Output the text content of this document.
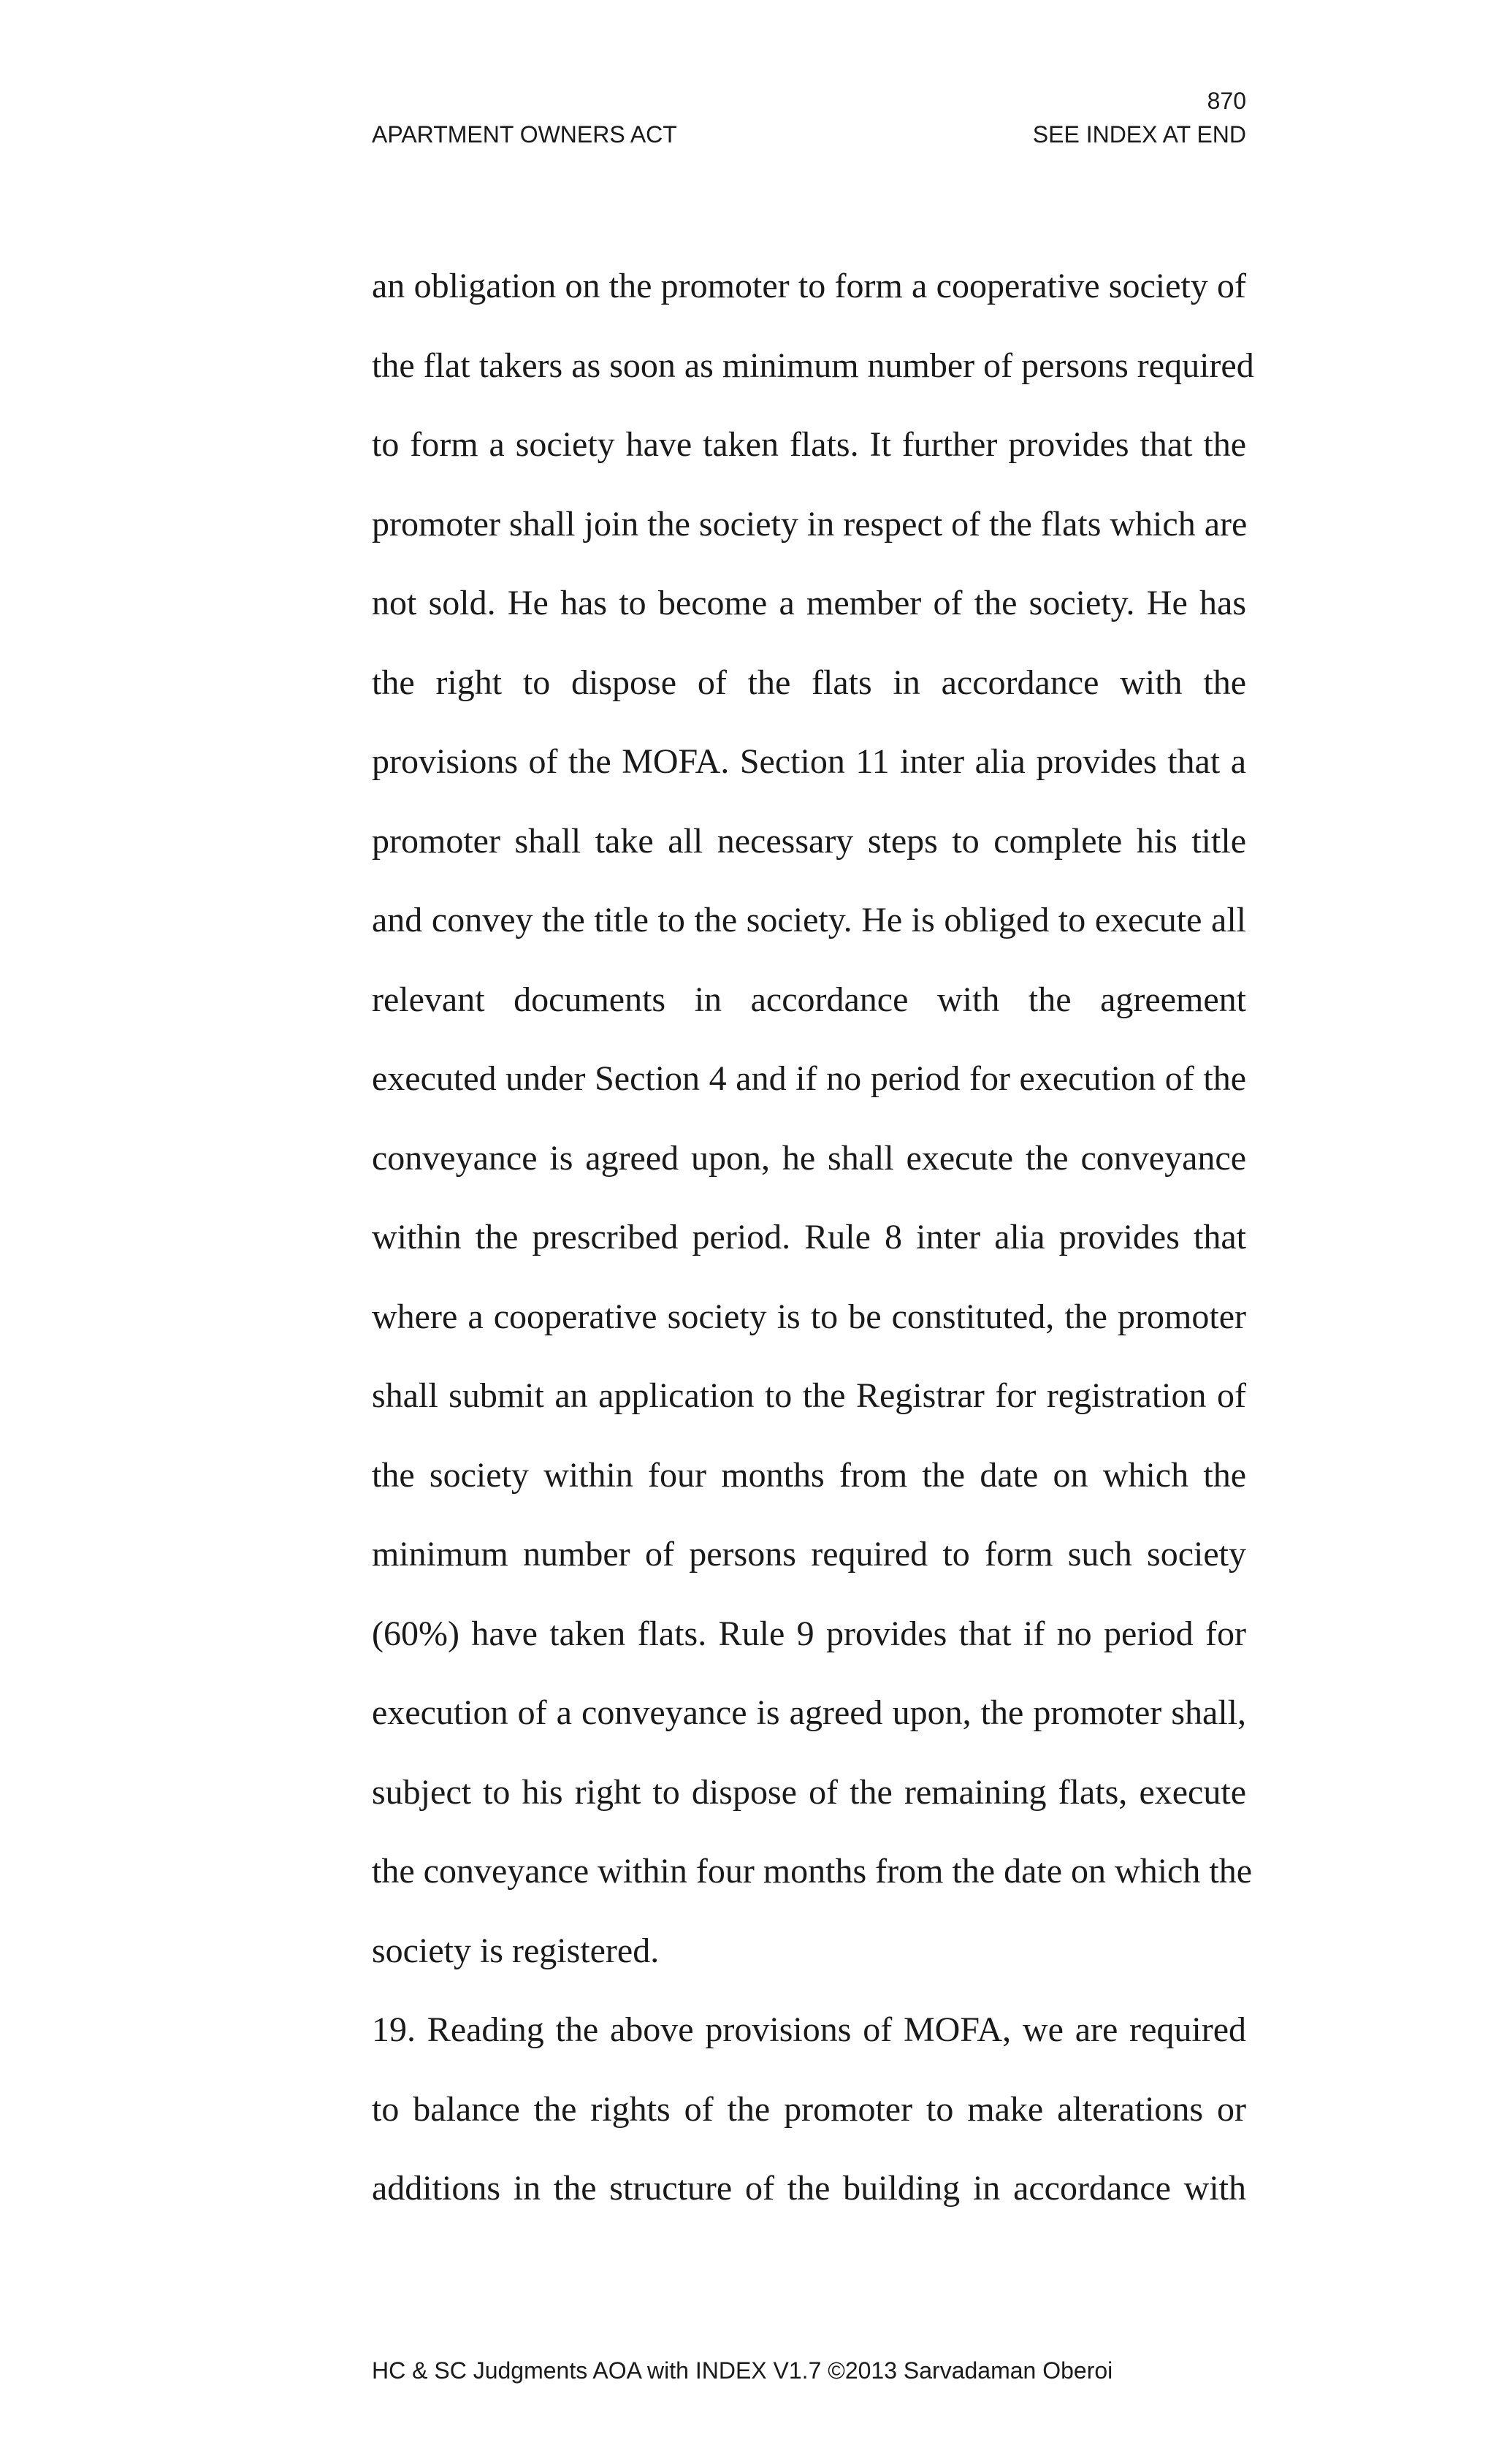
870
APARTMENT OWNERS ACT	SEE INDEX AT END
an obligation on the promoter to form a cooperative society of
the flat takers as soon as minimum number of persons required
to form a society have taken flats. It further provides that the
promoter shall join the society in respect of the flats which are
not sold. He has to become a member of the society. He has
the right to dispose of the flats in accordance with the
provisions of the MOFA. Section 11 inter alia provides that a
promoter shall take all necessary steps to complete his title
and convey the title to the society. He is obliged to execute all
relevant documents in accordance with the agreement
executed under Section 4 and if no period for execution of the
conveyance is agreed upon, he shall execute the conveyance
within the prescribed period. Rule 8 inter alia provides that
where a cooperative society is to be constituted, the promoter
shall submit an application to the Registrar for registration of
the society within four months from the date on which the
minimum number of persons required to form such society
(60%) have taken flats. Rule 9 provides that if no period for
execution of a conveyance is agreed upon, the promoter shall,
subject to his right to dispose of the remaining flats, execute
the conveyance within four months from the date on which the
society is registered.
19. Reading the above provisions of MOFA, we are required
to balance the rights of the promoter to make alterations or
additions in the structure of the building in accordance with
HC & SC Judgments AOA with INDEX V1.7 ©2013 Sarvadaman Oberoi
